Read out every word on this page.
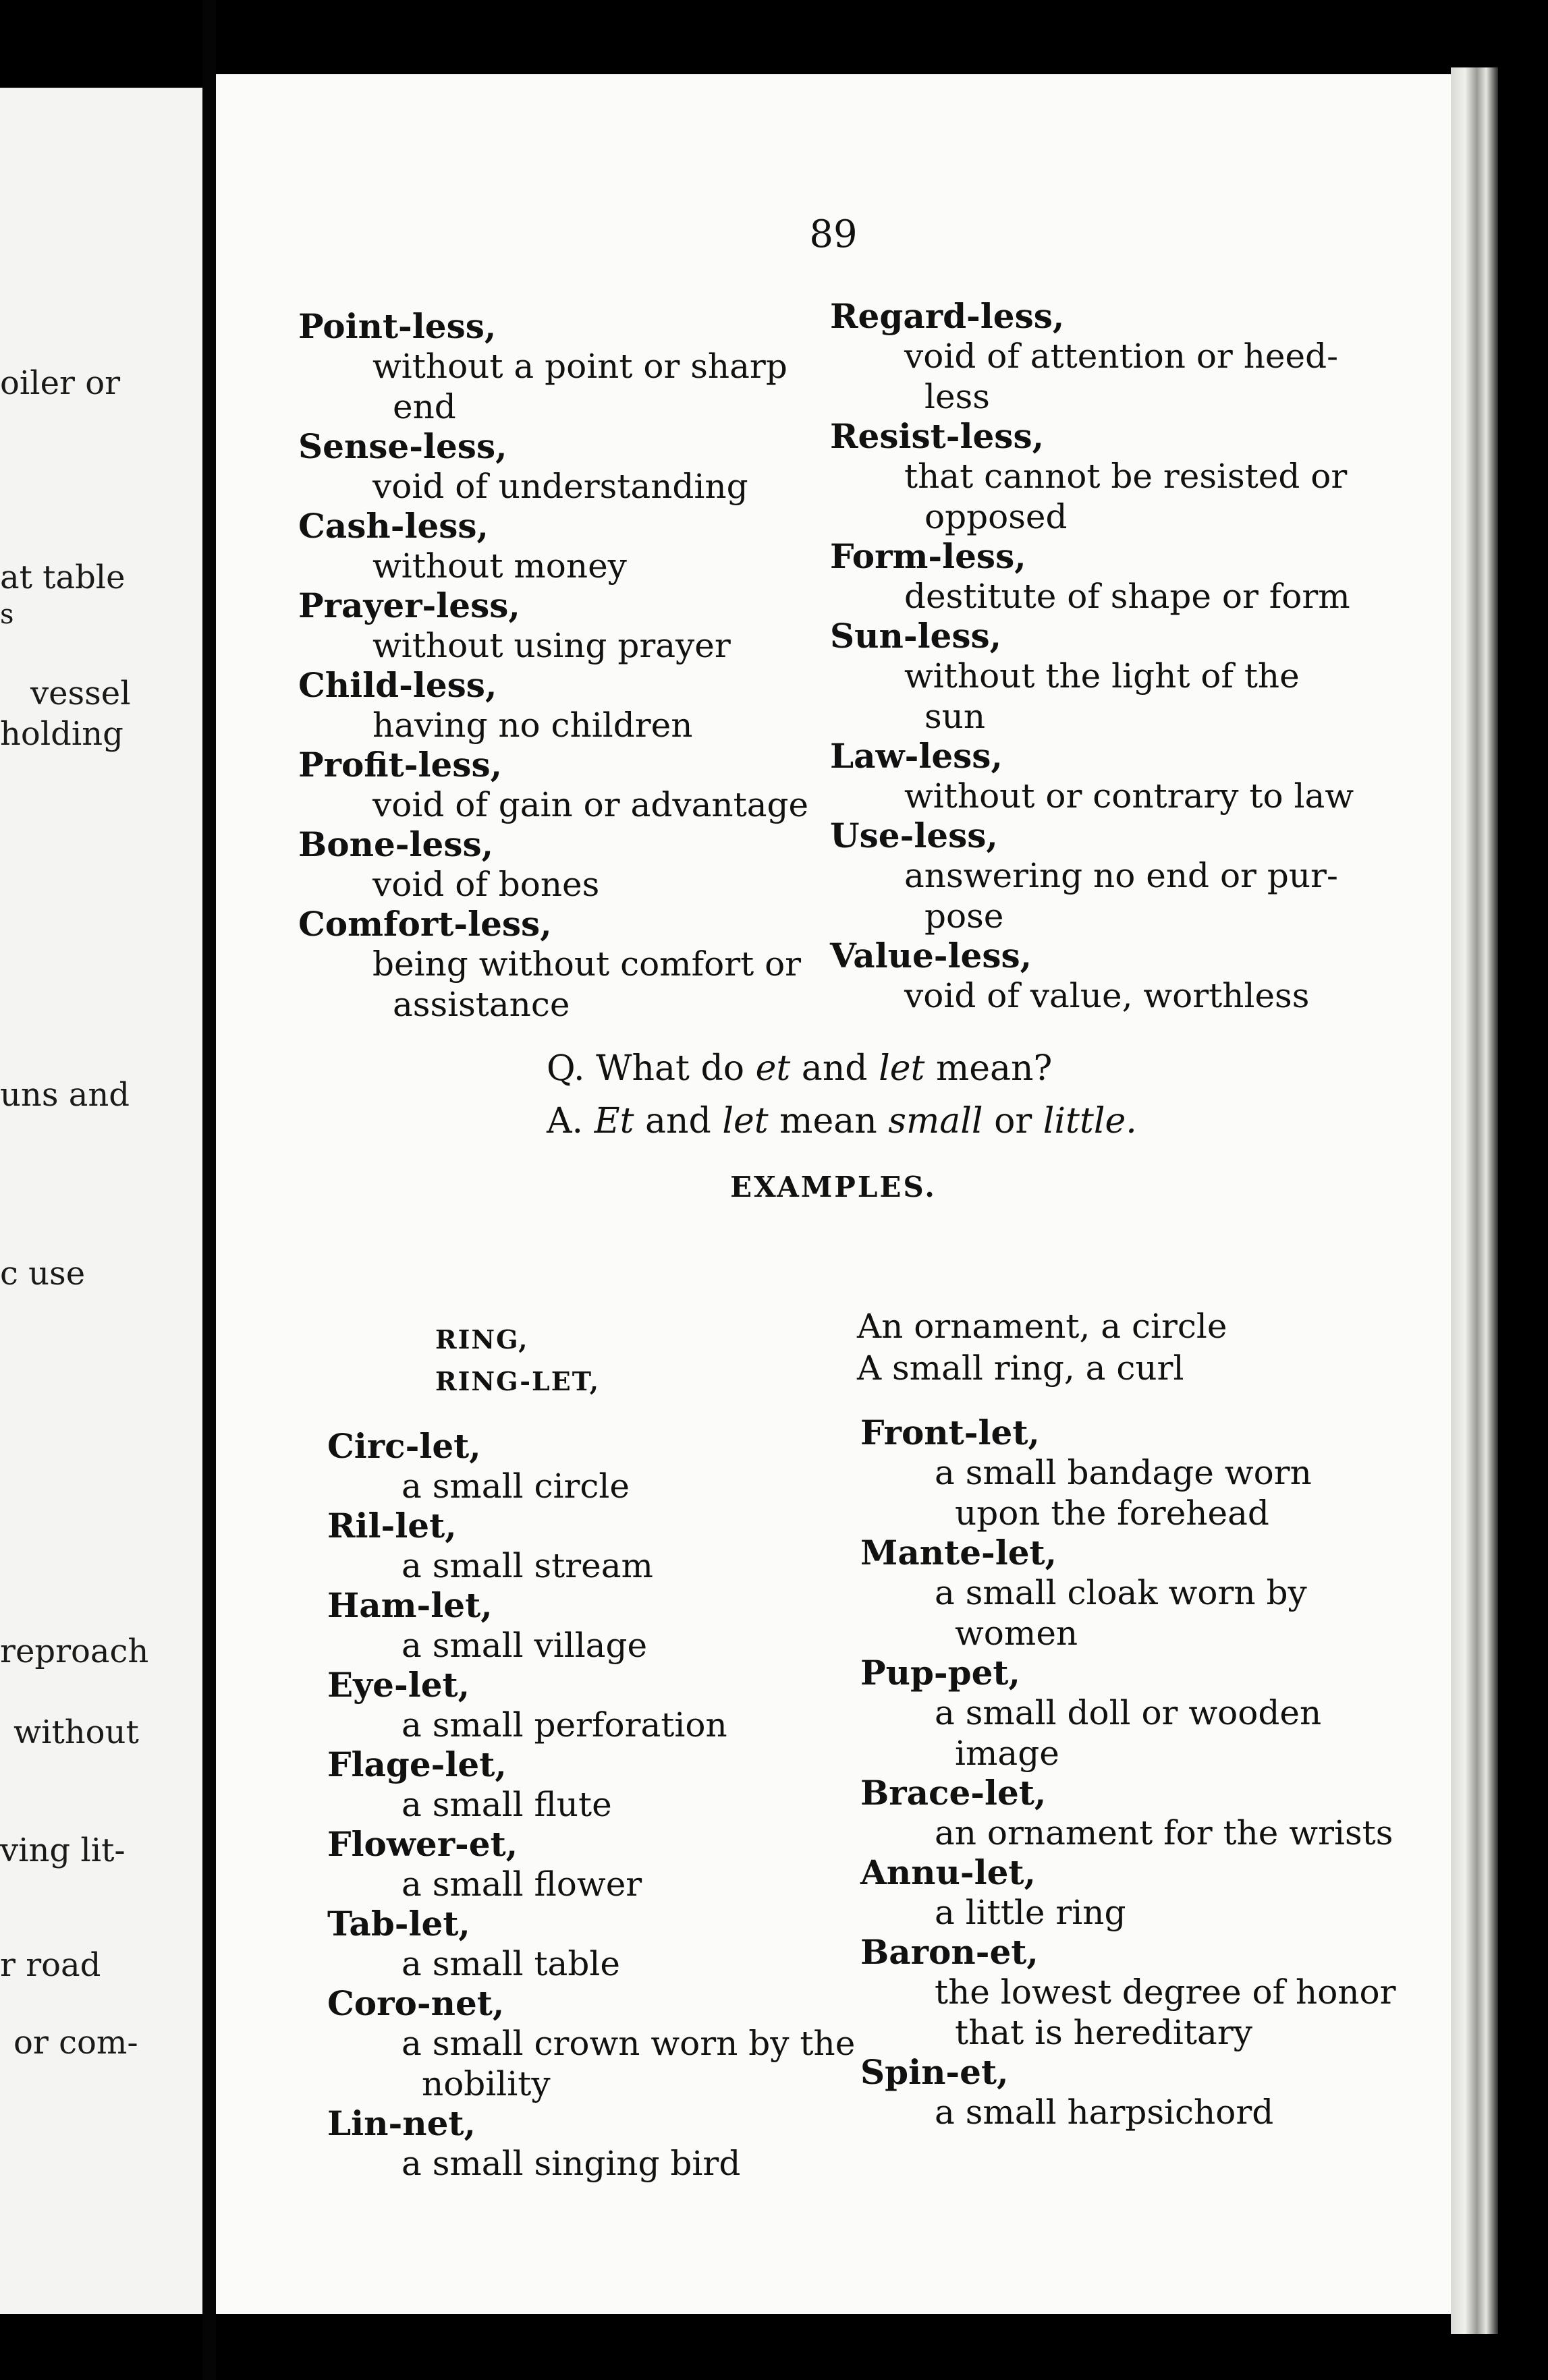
oiler or
at table
s
vessel
holding
uns and
c use
reproach
without
ving lit-
r road
or com-
89
Point-less,
without a point or sharp
end
Sense-less,
void of understanding
Cash-less,
without money
Prayer-less,
without using prayer
Child-less,
having no children
Profit-less,
void of gain or advantage
Bone-less,
void of bones
Comfort-less,
being without comfort or
assistance
Regard-less,
void of attention or heed-
less
Resist-less,
that cannot be resisted or
opposed
Form-less,
destitute of shape or form
Sun-less,
without the light of the
sun
Law-less,
without or contrary to law
Use-less,
answering no end or pur-
pose
Value-less,
void of value, worthless
Q. What do et and let mean?
A. Et and let mean small or little.
EXAMPLES.
RING,
RING-LET,
An ornament, a circle
A small ring, a curl
Circ-let,
a small circle
Ril-let,
a small stream
Ham-let,
a small village
Eye-let,
a small perforation
Flage-let,
a small flute
Flower-et,
a small flower
Tab-let,
a small table
Coro-net,
a small crown worn by the
nobility
Lin-net,
a small singing bird
Front-let,
a small bandage worn
upon the forehead
Mante-let,
a small cloak worn by
women
Pup-pet,
a small doll or wooden
image
Brace-let,
an ornament for the wrists
Annu-let,
a little ring
Baron-et,
the lowest degree of honor
that is hereditary
Spin-et,
a small harpsichord
